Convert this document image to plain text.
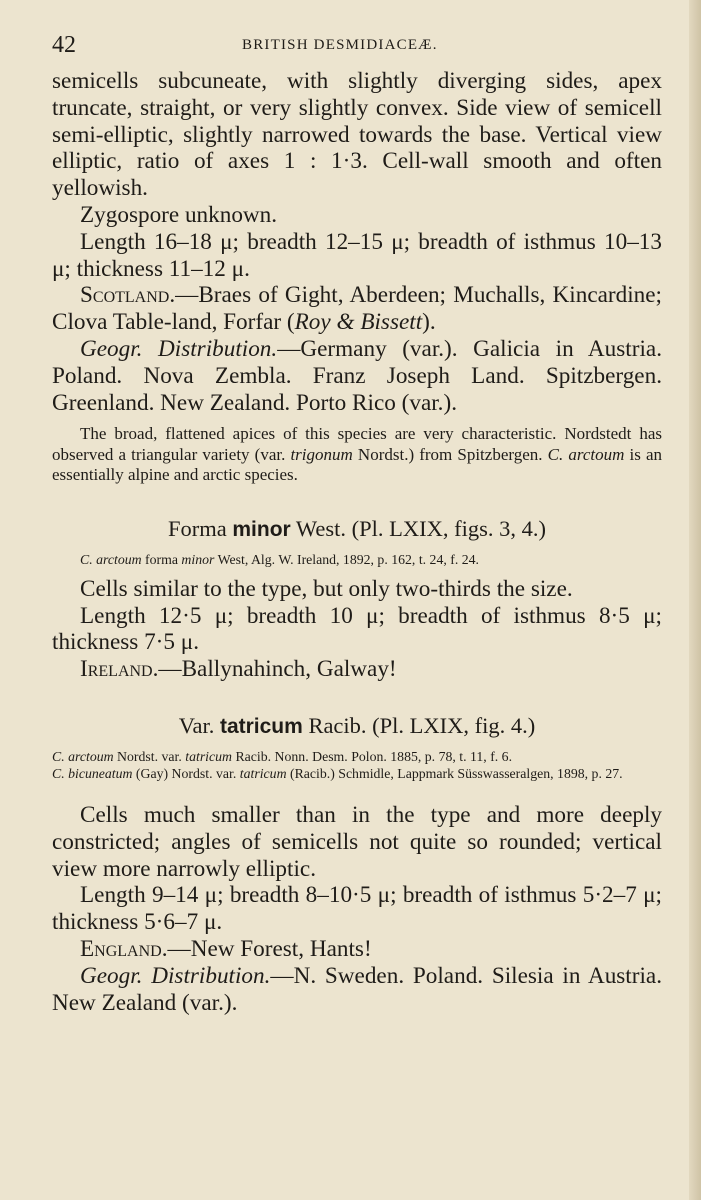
42	BRITISH DESMIDIACEÆ.

semicells subcuneate, with slightly diverging sides, apex truncate, straight, or very slightly convex. Side view of semicell semi-elliptic, slightly narrowed towards the base. Vertical view elliptic, ratio of axes 1 : 1·3. Cell-wall smooth and often yellowish.

Zygospore unknown.

Length 16–18 μ; breadth 12–15 μ; breadth of isthmus 10–13 μ; thickness 11–12 μ.

Scotland.—Braes of Gight, Aberdeen; Muchalls, Kincardine; Clova Table-land, Forfar (Roy & Bissett).

Geogr. Distribution.—Germany (var.). Galicia in Austria. Poland. Nova Zembla. Franz Joseph Land. Spitzbergen. Greenland. New Zealand. Porto Rico (var.).

The broad, flattened apices of this species are very characteristic. Nordstedt has observed a triangular variety (var. trigonum Nordst.) from Spitzbergen. C. arctoum is an essentially alpine and arctic species.

Forma minor West. (Pl. LXIX, figs. 3, 4.)

C. arctoum forma minor West, Alg. W. Ireland, 1892, p. 162, t. 24, f. 24.

Cells similar to the type, but only two-thirds the size.

Length 12·5 μ; breadth 10 μ; breadth of isthmus 8·5 μ; thickness 7·5 μ.

Ireland.—Ballynahinch, Galway!

Var. tatricum Racib. (Pl. LXIX, fig. 4.)

C. arctoum Nordst. var. tatricum Racib. Nonn. Desm. Polon. 1885, p. 78, t. 11, f. 6.

C. bicuneatum (Gay) Nordst. var. tatricum (Racib.) Schmidle, Lappmark Süsswasseralgen, 1898, p. 27.

Cells much smaller than in the type and more deeply constricted; angles of semicells not quite so rounded; vertical view more narrowly elliptic.

Length 9–14 μ; breadth 8–10·5 μ; breadth of isthmus 5·2–7 μ; thickness 5·6–7 μ.

England.—New Forest, Hants!

Geogr. Distribution.—N. Sweden. Poland. Silesia in Austria. New Zealand (var.).
